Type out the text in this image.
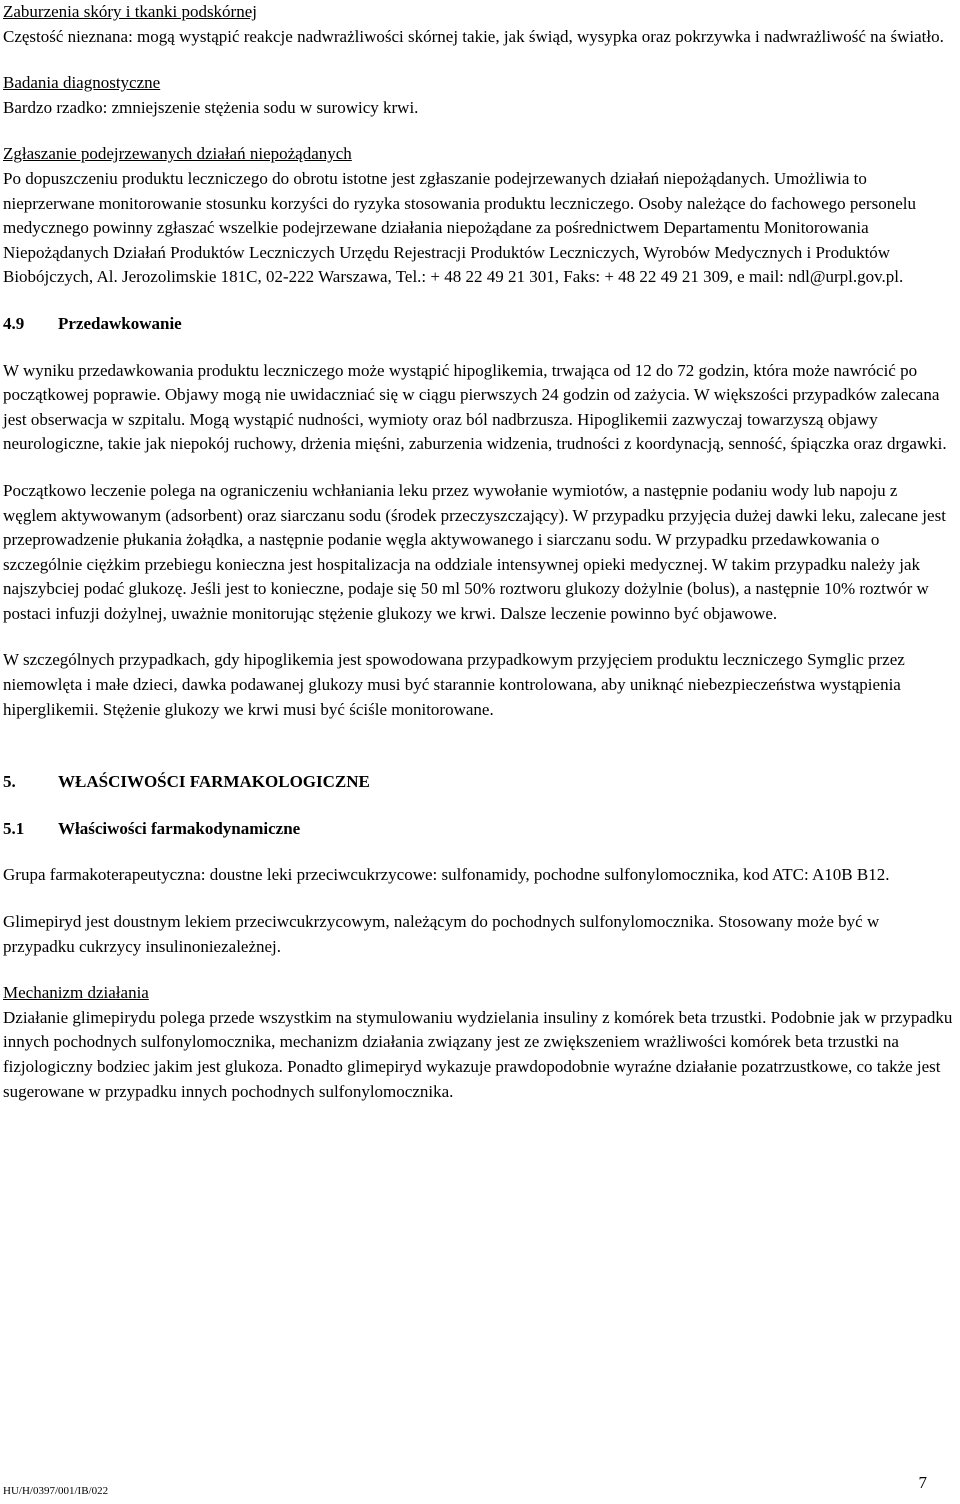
Zaburzenia skóry i tkanki podskórnej

Częstość nieznana: mogą wystąpić reakcje nadwrażliwości skórnej takie, jak świąd, wysypka oraz pokrzywka i nadwrażliwość na światło.

Badania diagnostyczne

Bardzo rzadko: zmniejszenie stężenia sodu w surowicy krwi.

Zgłaszanie podejrzewanych działań niepożądanych

Po dopuszczeniu produktu leczniczego do obrotu istotne jest zgłaszanie podejrzewanych działań niepożądanych. Umożliwia to nieprzerwane monitorowanie stosunku korzyści do ryzyka stosowania produktu leczniczego. Osoby należące do fachowego personelu medycznego powinny zgłaszać wszelkie podejrzewane działania niepożądane za pośrednictwem Departamentu Monitorowania Niepożądanych Działań Produktów Leczniczych Urzędu Rejestracji Produktów Leczniczych, Wyrobów Medycznych i Produktów Biobójczych, Al. Jerozolimskie 181C, 02-222 Warszawa, Tel.: + 48 22 49 21 301, Faks: + 48 22 49 21 309, e mail: ndl@urpl.gov.pl.

4.9 Przedawkowanie

W wyniku przedawkowania produktu leczniczego może wystąpić hipoglikemia, trwająca od 12 do 72 godzin, która może nawrócić po początkowej poprawie. Objawy mogą nie uwidaczniać się w ciągu pierwszych 24 godzin od zażycia. W większości przypadków zalecana jest obserwacja w szpitalu. Mogą wystąpić nudności, wymioty oraz ból nadbrzusza. Hipoglikemii zazwyczaj towarzyszą objawy neurologiczne, takie jak niepokój ruchowy, drżenia mięśni, zaburzenia widzenia, trudności z koordynacją, senność, śpiączka oraz drgawki.

Początkowo leczenie polega na ograniczeniu wchłaniania leku przez wywołanie wymiotów, a następnie podaniu wody lub napoju z węglem aktywowanym (adsorbent) oraz siarczanu sodu (środek przeczyszczający). W przypadku przyjęcia dużej dawki leku, zalecane jest przeprowadzenie płukania żołądka, a następnie podanie węgla aktywowanego i siarczanu sodu. W przypadku przedawkowania o szczególnie ciężkim przebiegu konieczna jest hospitalizacja na oddziale intensywnej opieki medycznej. W takim przypadku należy jak najszybciej podać glukozę. Jeśli jest to konieczne, podaje się 50 ml 50% roztworu glukozy dożylnie (bolus), a następnie 10% roztwór w postaci infuzji dożylnej, uważnie monitorując stężenie glukozy we krwi. Dalsze leczenie powinno być objawowe.

W szczególnych przypadkach, gdy hipoglikemia jest spowodowana przypadkowym przyjęciem produktu leczniczego Symglic przez niemowlęta i małe dzieci, dawka podawanej glukozy musi być starannie kontrolowana, aby uniknąć niebezpieczeństwa wystąpienia hiperglikemii. Stężenie glukozy we krwi musi być ściśle monitorowane.

5. WŁAŚCIWOŚCI FARMAKOLOGICZNE

5.1 Właściwości farmakodynamiczne

Grupa farmakoterapeutyczna: doustne leki przeciwcukrzycowe: sulfonamidy, pochodne sulfonylomocznika, kod ATC: A10B B12.

Glimepiryd jest doustnym lekiem przeciwcukrzycowym, należącym do pochodnych sulfonylomocznika. Stosowany może być w przypadku cukrzycy insulinoniezależnej.

Mechanizm działania

Działanie glimepirydu polega przede wszystkim na stymulowaniu wydzielania insuliny z komórek beta trzustki. Podobnie jak w przypadku innych pochodnych sulfonylomocznika, mechanizm działania związany jest ze zwiększeniem wrażliwości komórek beta trzustki na fizjologiczny bodziec jakim jest glukoza. Ponadto glimepiryd wykazuje prawdopodobnie wyraźne działanie pozatrzustkowe, co także jest sugerowane w przypadku innych pochodnych sulfonylomocznika.

HU/H/0397/001/IB/022	7
